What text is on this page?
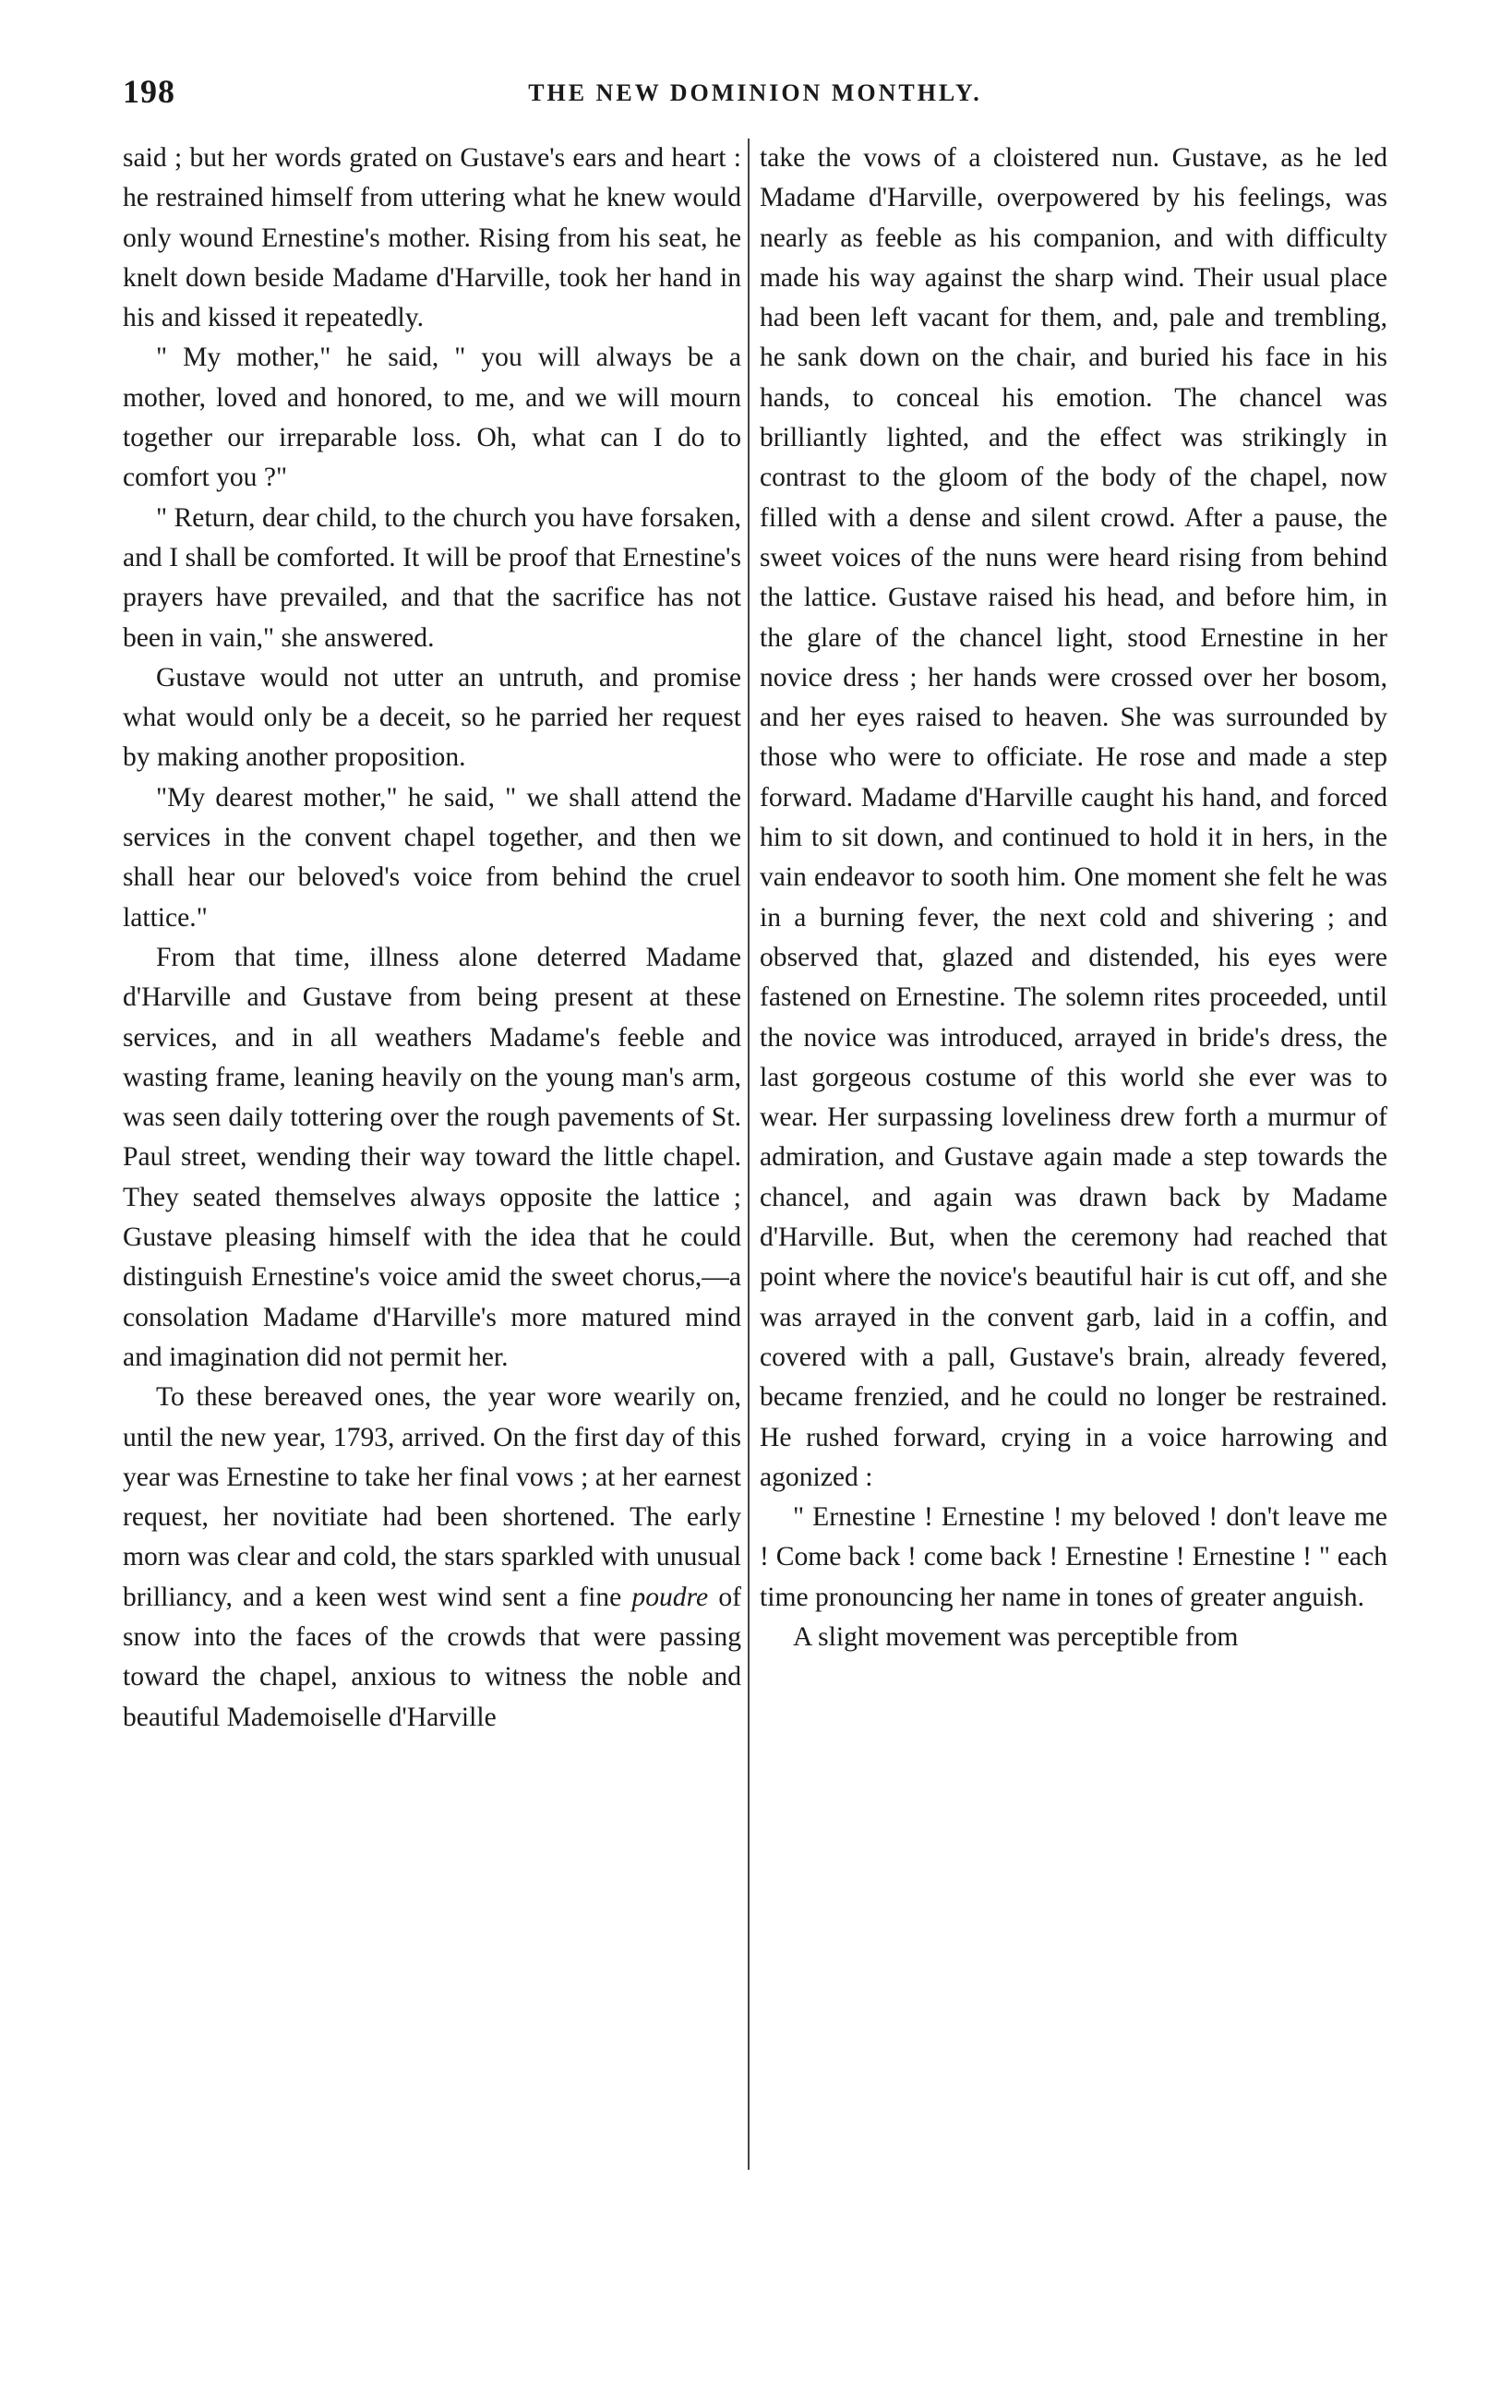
198	THE NEW DOMINION MONTHLY.

said ; but her words grated on Gustave's ears and heart : he restrained himself from uttering what he knew would only wound Ernestine's mother. Rising from his seat, he knelt down beside Madame d'Harville, took her hand in his and kissed it repeatedly.

" My mother," he said, " you will always be a mother, loved and honored, to me, and we will mourn together our irreparable loss. Oh, what can I do to comfort you ?"

" Return, dear child, to the church you have forsaken, and I shall be comforted. It will be proof that Ernestine's prayers have prevailed, and that the sacrifice has not been in vain," she answered.

Gustave would not utter an untruth, and promise what would only be a deceit, so he parried her request by making another proposition.

"My dearest mother," he said, " we shall attend the services in the convent chapel together, and then we shall hear our beloved's voice from behind the cruel lattice."

From that time, illness alone deterred Madame d'Harville and Gustave from being present at these services, and in all weathers Madame's feeble and wasting frame, leaning heavily on the young man's arm, was seen daily tottering over the rough pavements of St. Paul street, wending their way toward the little chapel. They seated themselves always opposite the lattice ; Gustave pleasing himself with the idea that he could distinguish Ernestine's voice amid the sweet chorus,—a consolation Madame d'Harville's more matured mind and imagination did not permit her.

To these bereaved ones, the year wore wearily on, until the new year, 1793, arrived. On the first day of this year was Ernestine to take her final vows ; at her earnest request, her novitiate had been shortened. The early morn was clear and cold, the stars sparkled with unusual brilliancy, and a keen west wind sent a fine poudre of snow into the faces of the crowds that were passing toward the chapel, anxious to witness the noble and beautiful Mademoiselle d'Harville

take the vows of a cloistered nun. Gustave, as he led Madame d'Harville, overpowered by his feelings, was nearly as feeble as his companion, and with difficulty made his way against the sharp wind. Their usual place had been left vacant for them, and, pale and trembling, he sank down on the chair, and buried his face in his hands, to conceal his emotion. The chancel was brilliantly lighted, and the effect was strikingly in contrast to the gloom of the body of the chapel, now filled with a dense and silent crowd. After a pause, the sweet voices of the nuns were heard rising from behind the lattice. Gustave raised his head, and before him, in the glare of the chancel light, stood Ernestine in her novice dress ; her hands were crossed over her bosom, and her eyes raised to heaven. She was surrounded by those who were to officiate. He rose and made a step forward. Madame d'Harville caught his hand, and forced him to sit down, and continued to hold it in hers, in the vain endeavor to sooth him. One moment she felt he was in a burning fever, the next cold and shivering ; and observed that, glazed and distended, his eyes were fastened on Ernestine. The solemn rites proceeded, until the novice was introduced, arrayed in bride's dress, the last gorgeous costume of this world she ever was to wear. Her surpassing loveliness drew forth a murmur of admiration, and Gustave again made a step towards the chancel, and again was drawn back by Madame d'Harville. But, when the ceremony had reached that point where the novice's beautiful hair is cut off, and she was arrayed in the convent garb, laid in a coffin, and covered with a pall, Gustave's brain, already fevered, became frenzied, and he could no longer be restrained. He rushed forward, crying in a voice harrowing and agonized :

" Ernestine ! Ernestine ! my beloved ! don't leave me ! Come back ! come back ! Ernestine ! Ernestine ! " each time pronouncing her name in tones of greater anguish.

A slight movement was perceptible from
